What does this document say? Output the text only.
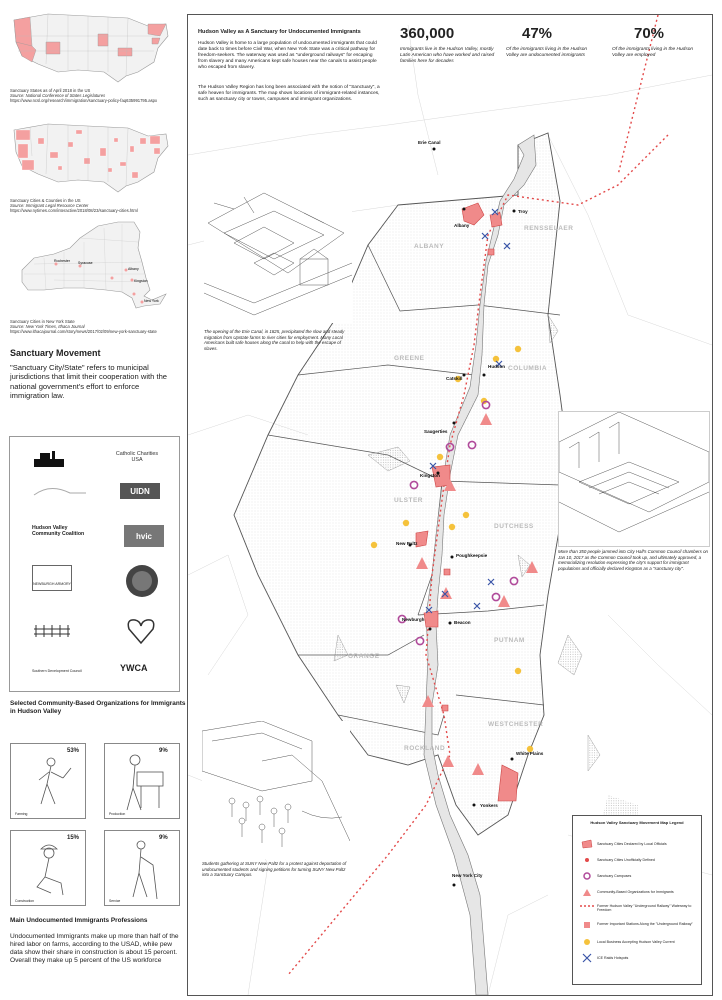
Sanctuary States as of April 2018 in the US
Source: National Conference of States Legislatures
https://www.ncsl.org/research/immigration/sanctuary-policy-faq635991795.aspx
Sanctuary Cities & Counties in the US
Source: Immigrant Legal Resource Center
https://www.nytimes.com/interactive/2018/08/23/sanctuary-cities.html
Rochester Syracuse
Albany
Kingston
New York
Sanctuary Cities in New York State
Source: New York Times, Ithaca Journal
https://www.ithacajournal.com/story/news/2017/02/09/new-york-sanctuary-state
Sanctuary Movement
"Sanctuary City/State" refers to municipal jurisdictions that limit their cooperation with the national government's effort to enforce immigration law.
Catholic Charities USA
UIDN
Hudson Valley Community Coalition	hvic
NEWBURGH ARMORY
Southern Development Council	YWCA
Selected Community-Based Organizations for Immigrants in Hudson Valley
53%
Farming
9%
Production
15%
Construction
9%
Service
Main Undocumented Immigrants Professions
Undocumented Immigrants make up more than half of the hired labor on farms, according to the USAD, while pew data show their share in construction is about 15 percent. Overall they make up 5 percent of the US workforce
Hudson Valley as A Sanctuary for Undocumented Immigrants
Hudson Valley is home to a large population of undocumented immigrants that could date back to times before Civil War, when New York State was a critical pathway for freedom-seekers. The waterway was used as "underground railways" for escaping from slavery and many Americans kept safe houses near the canals to assist people who escaped from slavery.
The Hudson Valley Region has long been associated with the notion of "Sanctuary", a safe heaven for immigrants. The map shows locations of immigrant-related instances, such as sanctuary city or towns, campuses and immigrant organizations.
360,000
Immigrants live in the Hudson Valley, mostly Latin American who have worked and raised families here for decades
47%
Of the immigrants living in the Hudson Valley are undocumented immigrants
70%
Of the immigrants living in the Hudson Valley are employed
RENSSELAER
ALBANY
GREENE
COLUMBIA
ULSTER
DUTCHESS
PUTNAM
ORANGE
ROCKLAND
WESTCHESTER
Erie Canal
Albany
Troy
Catskill
Hudson
Saugerties
Kingston
New Paltz
Poughkeepsie
Newburgh
Beacon
White Plains
Yonkers
New York City
The opening of the Erie Canal, in 1825, precipitated the slow and steady migration from Upstate farms to river cities for employment. Many Local Americans built safe houses along the canal to help with the escape of slaves.
More than 350 people jammed into City Hall's Common Council chambers on Jan 10, 2017 as the Common Council took up, and ultimately approved, a memorializing resolution expressing the city's support for immigrant populations and officially declared Kingston as a "sanctuary city".
Students gathering at SUNY New Paltz for a protest against deportation of undocumented students and signing petitions for turning SUNY New Paltz into a Sanctuary Campus.
Hudson Valley Sanctuary Movement Map Legend
Sanctuary Cities Declared by Local Officials
Sanctuary Cities Unofficially Defined
Sanctuary Campuses
Community-Based Organizations for Immigrants
Former Hudson Valley "Underground Railway" Waterway to Freedom
Former Important Stations Along the "Underground Railway"
Local Business Accepting Hudson Valley Current
ICE Raids Hotspots
